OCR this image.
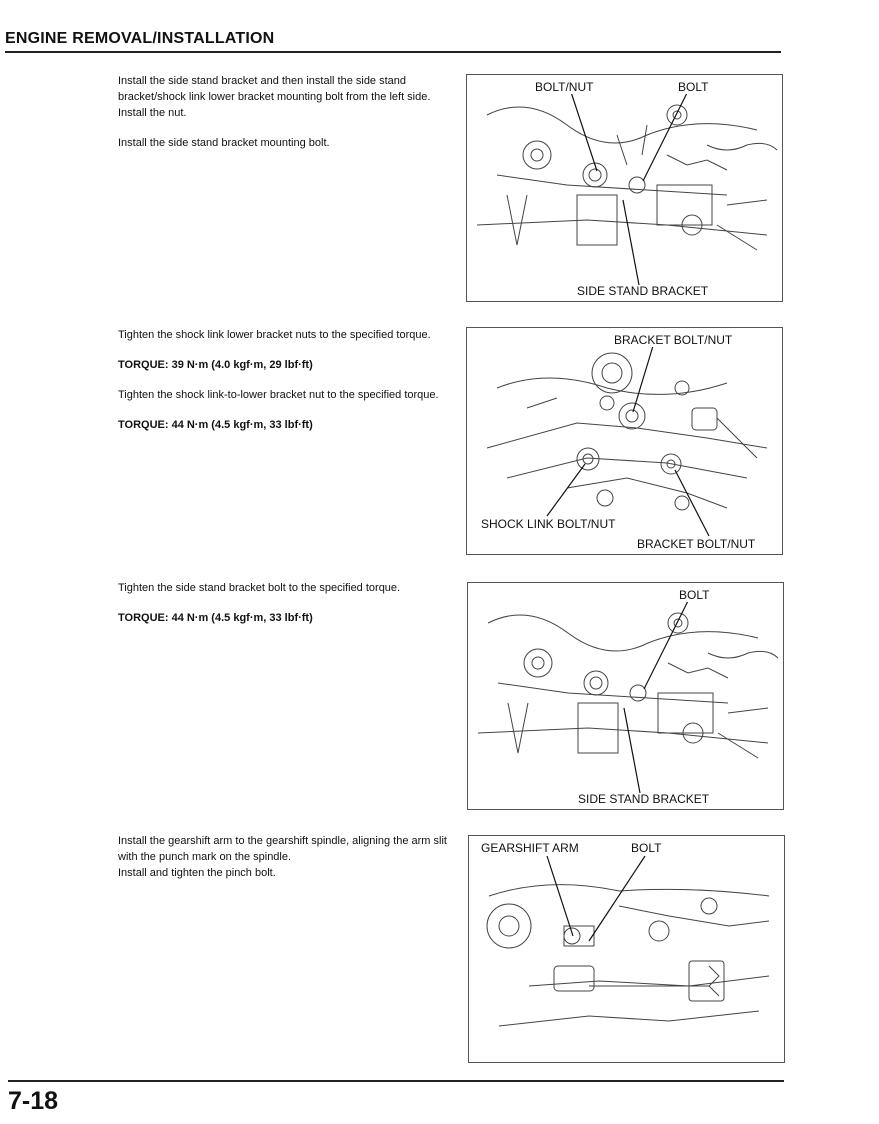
ENGINE REMOVAL/INSTALLATION
Install the side stand bracket and then install the side stand bracket/shock link lower bracket mounting bolt from the left side.
Install the nut.
Install the side stand bracket mounting bolt.
BOLT/NUT	BOLT
SIDE STAND BRACKET

Tighten the shock link lower bracket nuts to the specified torque.

TORQUE: 39 N·m (4.0 kgf·m, 29 lbf·ft)

Tighten the shock link-to-lower bracket nut to the specified torque.

TORQUE: 44 N·m (4.5 kgf·m, 33 lbf·ft)

BRACKET BOLT/NUT
SHOCK LINK BOLT/NUT
BRACKET BOLT/NUT

Tighten the side stand bracket bolt to the specified torque.

TORQUE: 44 N·m (4.5 kgf·m, 33 lbf·ft)

BOLT
SIDE STAND BRACKET
Install the gearshift arm to the gearshift spindle, aligning the arm slit with the punch mark on the spindle.
Install and tighten the pinch bolt.
GEARSHIFT ARM	BOLT
7-18
